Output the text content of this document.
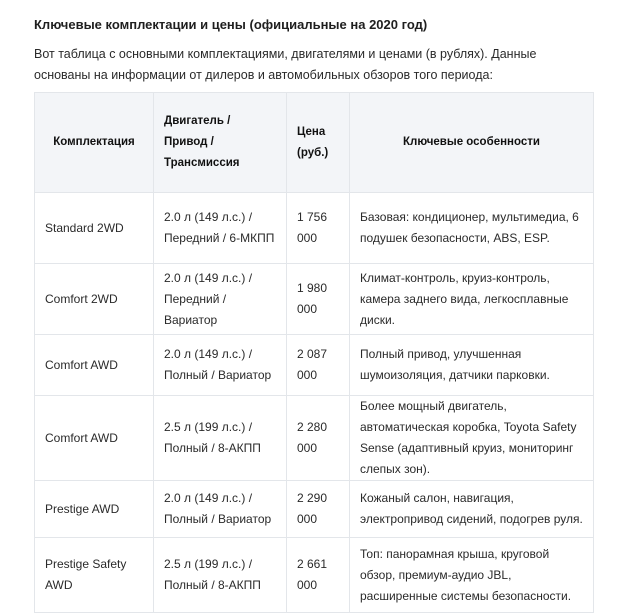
Ключевые комплектации и цены (официальные на 2020 год)
Вот таблица с основными комплектациями, двигателями и ценами (в рублях). Данные основаны на информации от дилеров и автомобильных обзоров того периода:
Комплектация	Двигатель / Привод / Трансмиссия	Цена (руб.)	Ключевые особенности
Standard 2WD	2.0 л (149 л.с.) / Передний / 6-МКПП	1 756 000	Базовая: кондиционер, мультимедиа, 6 подушек безопасности, ABS, ESP.
Comfort 2WD	2.0 л (149 л.с.) / Передний / Вариатор	1 980 000	Климат-контроль, круиз-контроль, камера заднего вида, легкосплавные диски.
Comfort AWD	2.0 л (149 л.с.) / Полный / Вариатор	2 087 000	Полный привод, улучшенная шумоизоляция, датчики парковки.
Comfort AWD	2.5 л (199 л.с.) / Полный / 8-АКПП	2 280 000	Более мощный двигатель, автоматическая коробка, Toyota Safety Sense (адаптивный круиз, мониторинг слепых зон).
Prestige AWD	2.0 л (149 л.с.) / Полный / Вариатор	2 290 000	Кожаный салон, навигация, электропривод сидений, подогрев руля.
Prestige Safety AWD	2.5 л (199 л.с.) / Полный / 8-АКПП	2 661 000	Топ: панорамная крыша, круговой обзор, премиум-аудио JBL, расширенные системы безопасности.
